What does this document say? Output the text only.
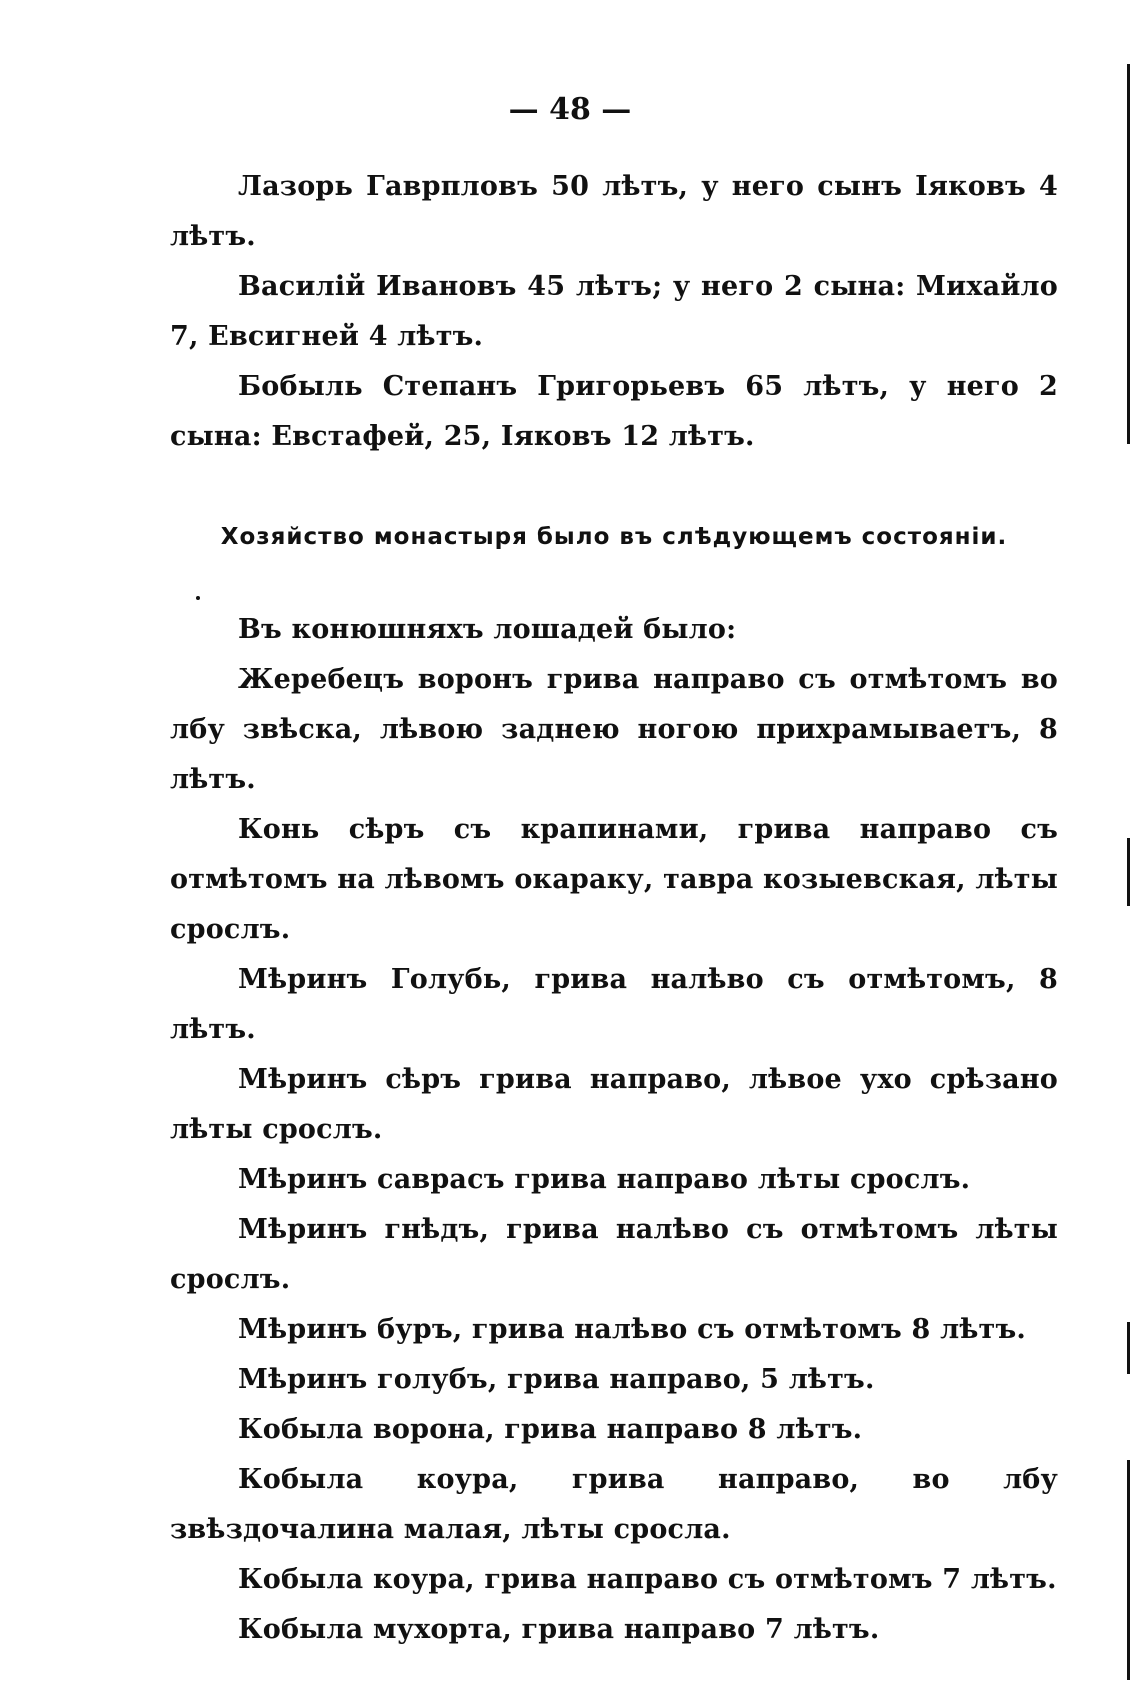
— 48 —

Лазорь Гаврпловъ 50 лѣтъ, у него сынъ Іяковъ 4 лѣтъ.

Василій Ивановъ 45 лѣтъ; у него 2 сына: Михайло 7, Евсигней 4 лѣтъ.

Бобыль Степанъ Григорьевъ 65 лѣтъ, у него 2 сына: Евстафей, 25, Іяковъ 12 лѣтъ.

Хозяйство монастыря было въ слѣдующемъ состояніи.

Въ конюшняхъ лошадей было:

Жеребецъ воронъ грива направо съ отмѣтомъ во лбу звѣска, лѣвою заднею ногою прихрамываетъ, 8 лѣтъ.

Конь сѣръ съ крапинами, грива направо съ отмѣтомъ на лѣвомъ окараку, тавра козыевская, лѣты срослъ.

Мѣринъ Голубь, грива налѣво съ отмѣтомъ, 8 лѣтъ.

Мѣринъ сѣръ грива направо, лѣвое ухо срѣзано лѣты срослъ.

Мѣринъ саврасъ грива направо лѣты срослъ.

Мѣринъ гнѣдъ, грива налѣво съ отмѣтомъ лѣты срослъ.

Мѣринъ буръ, грива налѣво съ отмѣтомъ 8 лѣтъ.

Мѣринъ голубъ, грива направо, 5 лѣтъ.

Кобыла ворона, грива направо 8 лѣтъ.

Кобыла коура, грива направо, во лбу звѣздочалина малая, лѣты сросла.

Кобыла коура, грива направо съ отмѣтомъ 7 лѣтъ.

Кобыла мухорта, грива направо 7 лѣтъ.
